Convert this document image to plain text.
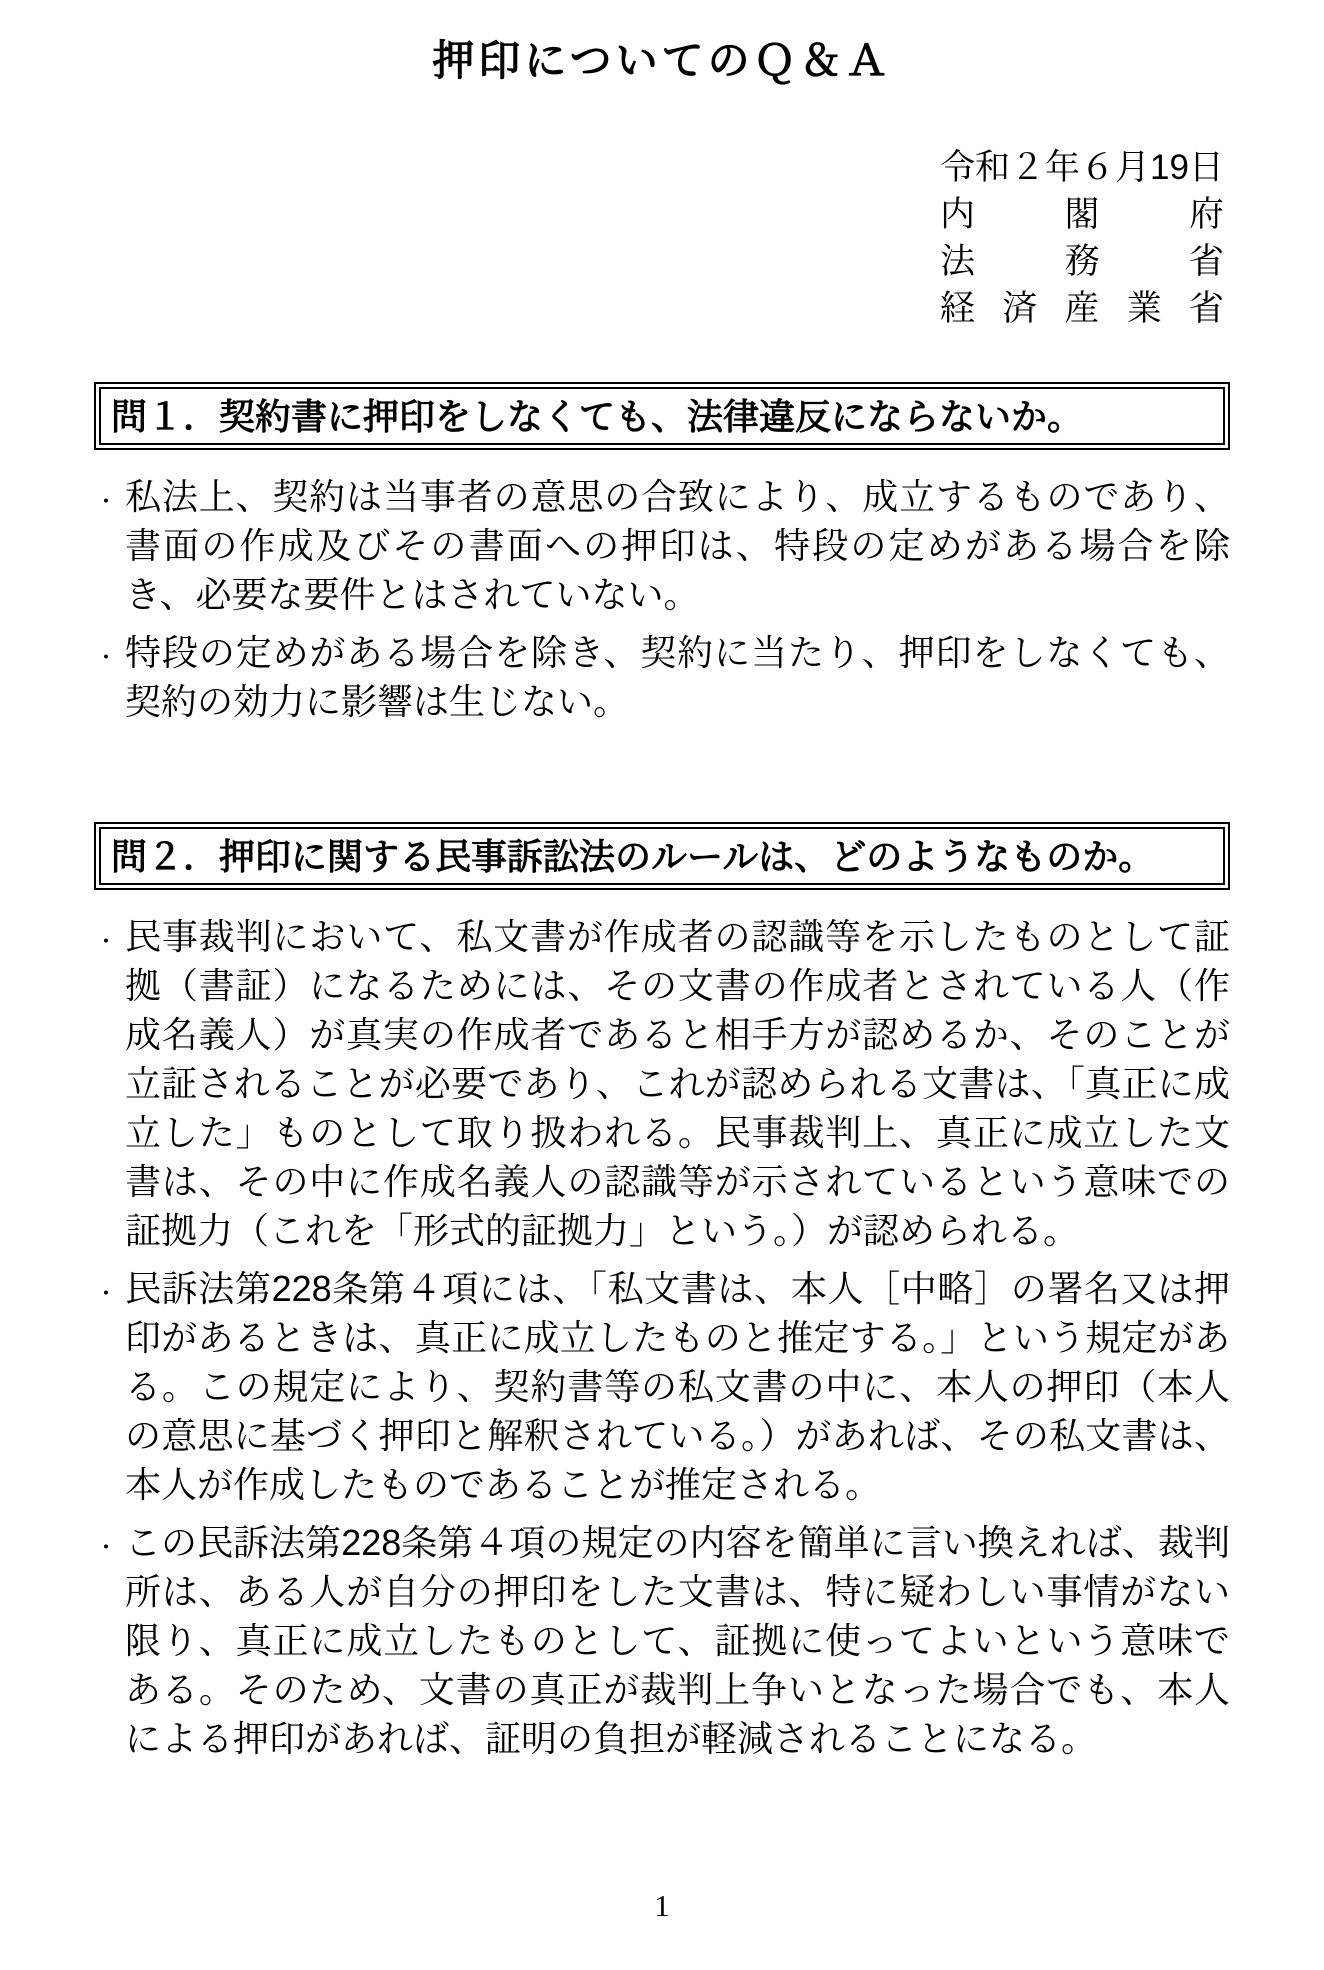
押印についてのＱ＆Ａ
令和２年６月19日
内	閣	府
法	務	省
経 済 産 業 省
問１．契約書に押印をしなくても、法律違反にならないか。
・ 私法上、契約は当事者の意思の合致により、成立するものであり、書面の作成及びその書面への押印は、特段の定めがある場合を除き、必要な要件とはされていない。
・ 特段の定めがある場合を除き、契約に当たり、押印をしなくても、契約の効力に影響は生じない。
問２．押印に関する民事訴訟法のルールは、どのようなものか。
・ 民事裁判において、私文書が作成者の認識等を示したものとして証拠（書証）になるためには、その文書の作成者とされている人（作成名義人）が真実の作成者であると相手方が認めるか、そのことが立証されることが必要であり、これが認められる文書は、「真正に成立した」ものとして取り扱われる。民事裁判上、真正に成立した文書は、その中に作成名義人の認識等が示されているという意味での証拠力（これを「形式的証拠力」という。）が認められる。
・ 民訴法第228条第４項には、「私文書は、本人［中略］の署名又は押印があるときは、真正に成立したものと推定する。」という規定がある。この規定により、契約書等の私文書の中に、本人の押印（本人の意思に基づく押印と解釈されている。）があれば、その私文書は、本人が作成したものであることが推定される。
・ この民訴法第228条第４項の規定の内容を簡単に言い換えれば、裁判所は、ある人が自分の押印をした文書は、特に疑わしい事情がない限り、真正に成立したものとして、証拠に使ってよいという意味である。そのため、文書の真正が裁判上争いとなった場合でも、本人による押印があれば、証明の負担が軽減されることになる。
1
